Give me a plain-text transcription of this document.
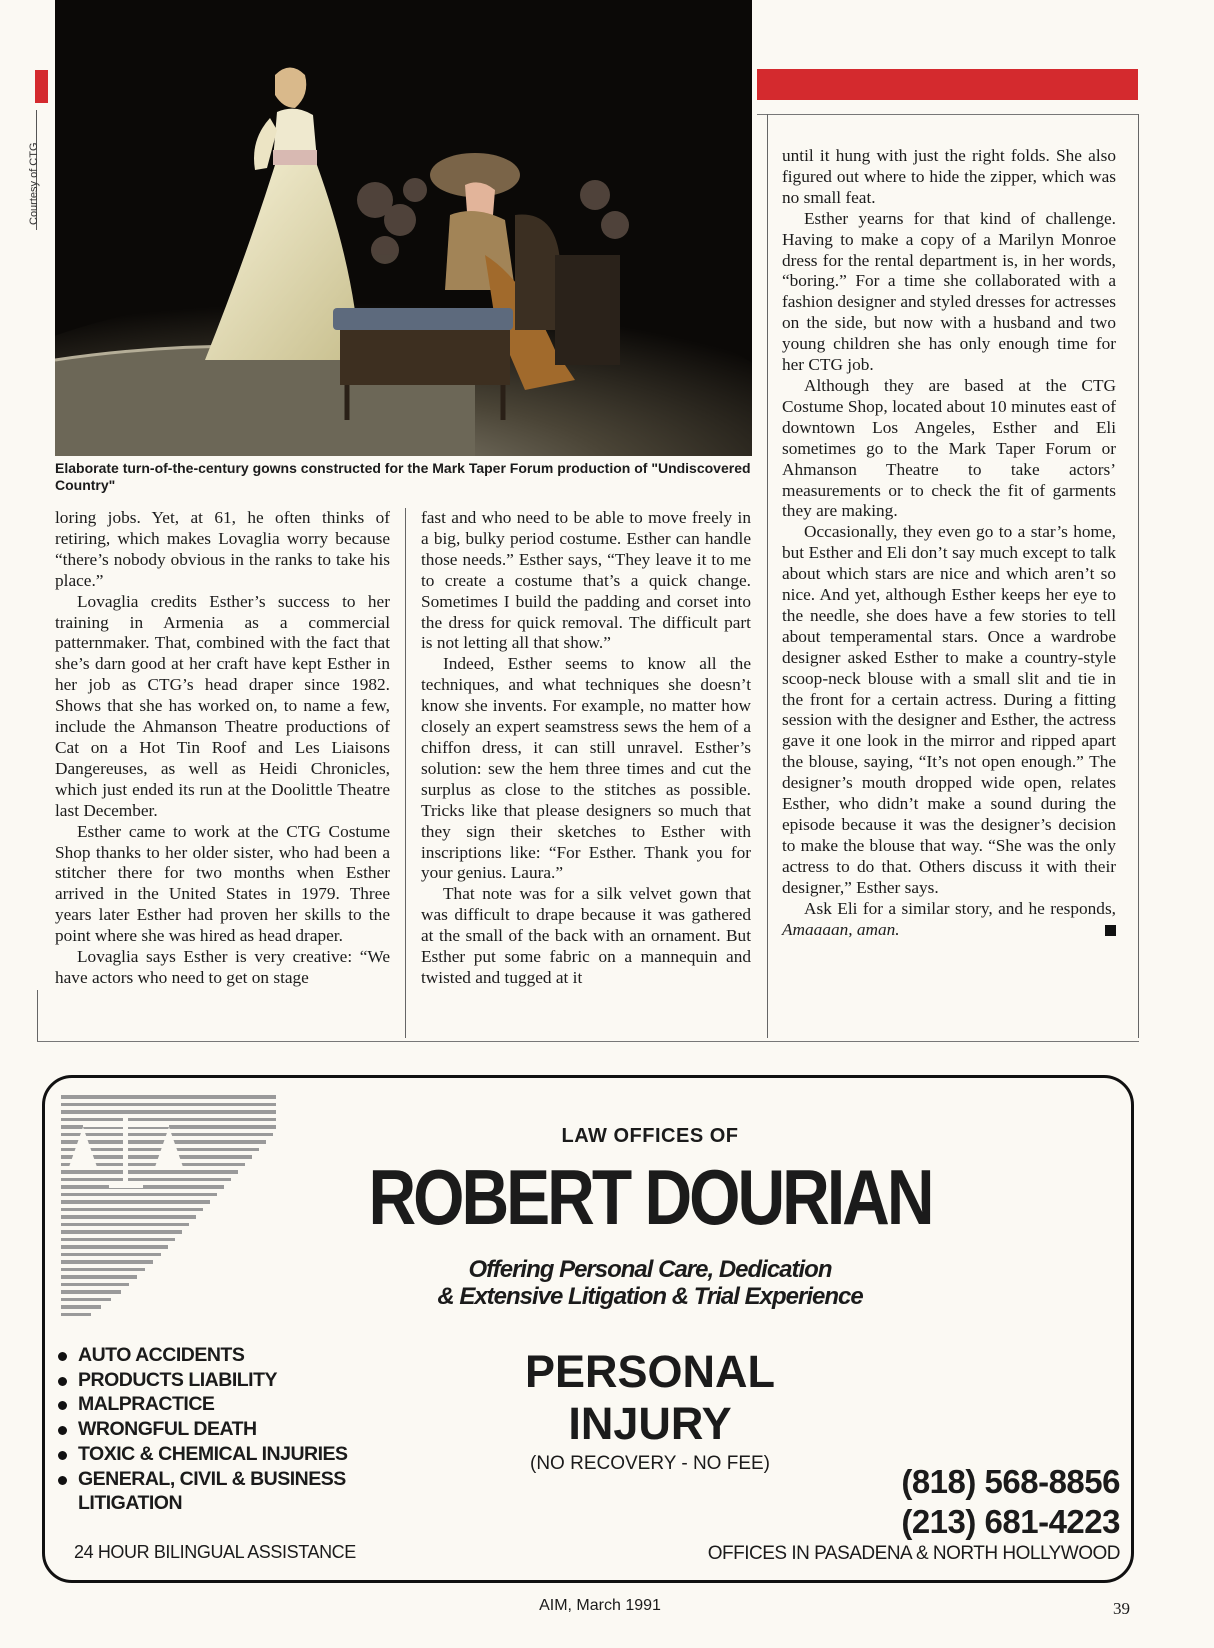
Courtesy of CTG
Elaborate turn-of-the-century gowns constructed for the Mark Taper Forum production of "Undiscovered Country"

loring jobs. Yet, at 61, he often thinks of retiring, which makes Lovaglia worry because “there’s nobody obvious in the ranks to take his place.”

Lovaglia credits Esther’s success to her training in Armenia as a commercial patternmaker. That, combined with the fact that she’s darn good at her craft have kept Esther in her job as CTG’s head draper since 1982. Shows that she has worked on, to name a few, include the Ahmanson Theatre productions of Cat on a Hot Tin Roof and Les Liaisons Dangereuses, as well as Heidi Chronicles, which just ended its run at the Doolittle Theatre last December.

Esther came to work at the CTG Costume Shop thanks to her older sister, who had been a stitcher there for two months when Esther arrived in the United States in 1979. Three years later Esther had proven her skills to the point where she was hired as head draper.

Lovaglia says Esther is very creative: “We have actors who need to get on stage

fast and who need to be able to move freely in a big, bulky period costume. Esther can handle those needs.” Esther says, “They leave it to me to create a costume that’s a quick change. Sometimes I build the padding and corset into the dress for quick removal. The difficult part is not letting all that show.”

Indeed, Esther seems to know all the techniques, and what techniques she doesn’t know she invents. For example, no matter how closely an expert seamstress sews the hem of a chiffon dress, it can still unravel. Esther’s solution: sew the hem three times and cut the surplus as close to the stitches as possible. Tricks like that please designers so much that they sign their sketches to Esther with inscriptions like: “For Esther. Thank you for your genius. Laura.”

That note was for a silk velvet gown that was difficult to drape because it was gathered at the small of the back with an ornament. But Esther put some fabric on a mannequin and twisted and tugged at it

until it hung with just the right folds. She also figured out where to hide the zipper, which was no small feat.

Esther yearns for that kind of challenge. Having to make a copy of a Marilyn Monroe dress for the rental department is, in her words, “boring.” For a time she collaborated with a fashion designer and styled dresses for actresses on the side, but now with a husband and two young children she has only enough time for her CTG job.

Although they are based at the CTG Costume Shop, located about 10 minutes east of downtown Los Angeles, Esther and Eli sometimes go to the Mark Taper Forum or Ahmanson Theatre to take actors’ measurements or to check the fit of garments they are making.

Occasionally, they even go to a star’s home, but Esther and Eli don’t say much except to talk about which stars are nice and which aren’t so nice. And yet, although Esther keeps her eye to the needle, she does have a few stories to tell about temperamental stars. Once a wardrobe designer asked Esther to make a country-style scoop-neck blouse with a small slit and tie in the front for a certain actress. During a fitting session with the designer and Esther, the actress gave it one look in the mirror and ripped apart the blouse, saying, “It’s not open enough.” The designer’s mouth dropped wide open, relates Esther, who didn’t make a sound during the episode because it was the designer’s decision to make the blouse that way. “She was the only actress to do that. Others discuss it with their designer,” Esther says.

Ask Eli for a similar story, and he responds, Amaaaan, aman.

LAW OFFICES OF
ROBERT DOURIAN
Offering Personal Care, Dedication
& Extensive Litigation & Trial Experience
PERSONAL
INJURY
(NO RECOVERY - NO FEE)
AUTO ACCIDENTS
PRODUCTS LIABILITY
MALPRACTICE
WRONGFUL DEATH
TOXIC & CHEMICAL INJURIES
GENERAL, CIVIL & BUSINESS LITIGATION
24 HOUR BILINGUAL ASSISTANCE
(818) 568-8856
(213) 681-4223
OFFICES IN PASADENA & NORTH HOLLYWOOD
AIM, March 1991	39
